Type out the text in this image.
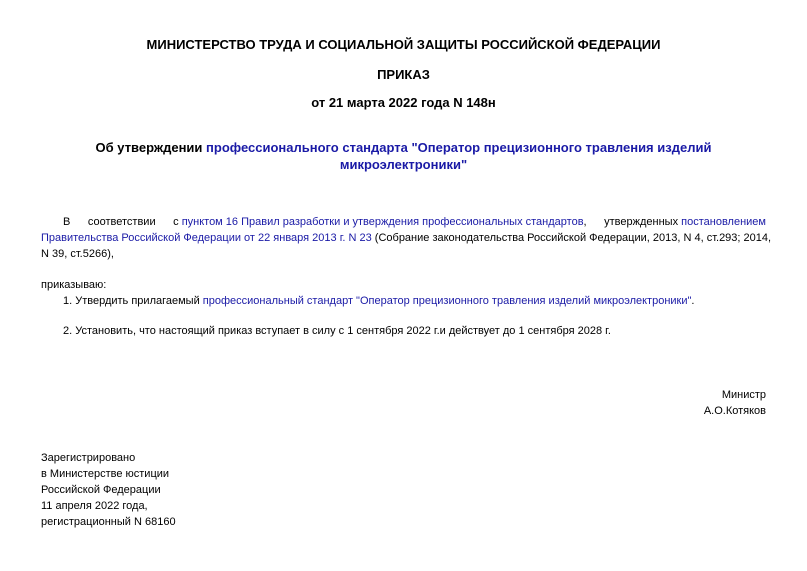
МИНИСТЕРСТВО ТРУДА И СОЦИАЛЬНОЙ ЗАЩИТЫ РОССИЙСКОЙ ФЕДЕРАЦИИ
ПРИКАЗ
от 21 марта 2022 года N 148н
Об утверждении профессионального стандарта "Оператор прецизионного травления изделий
микроэлектроники"
В соответствии с пунктом 16 Правил разработки и утверждения профессиональных стандартов, утвержденных постановлением
Правительства Российской Федерации от 22 января 2013 г. N 23 (Собрание законодательства Российской Федерации, 2013, N 4, ст.293; 2014,
N 39, ст.5266),
приказываю:
1. Утвердить прилагаемый профессиональный стандарт "Оператор прецизионного травления изделий микроэлектроники".
2. Установить, что настоящий приказ вступает в силу с 1 сентября 2022 г.и действует до 1 сентября 2028 г.
Министр
А.О.Котяков
Зарегистрировано
в Министерстве юстиции
Российской Федерации
11 апреля 2022 года,
регистрационный N 68160
